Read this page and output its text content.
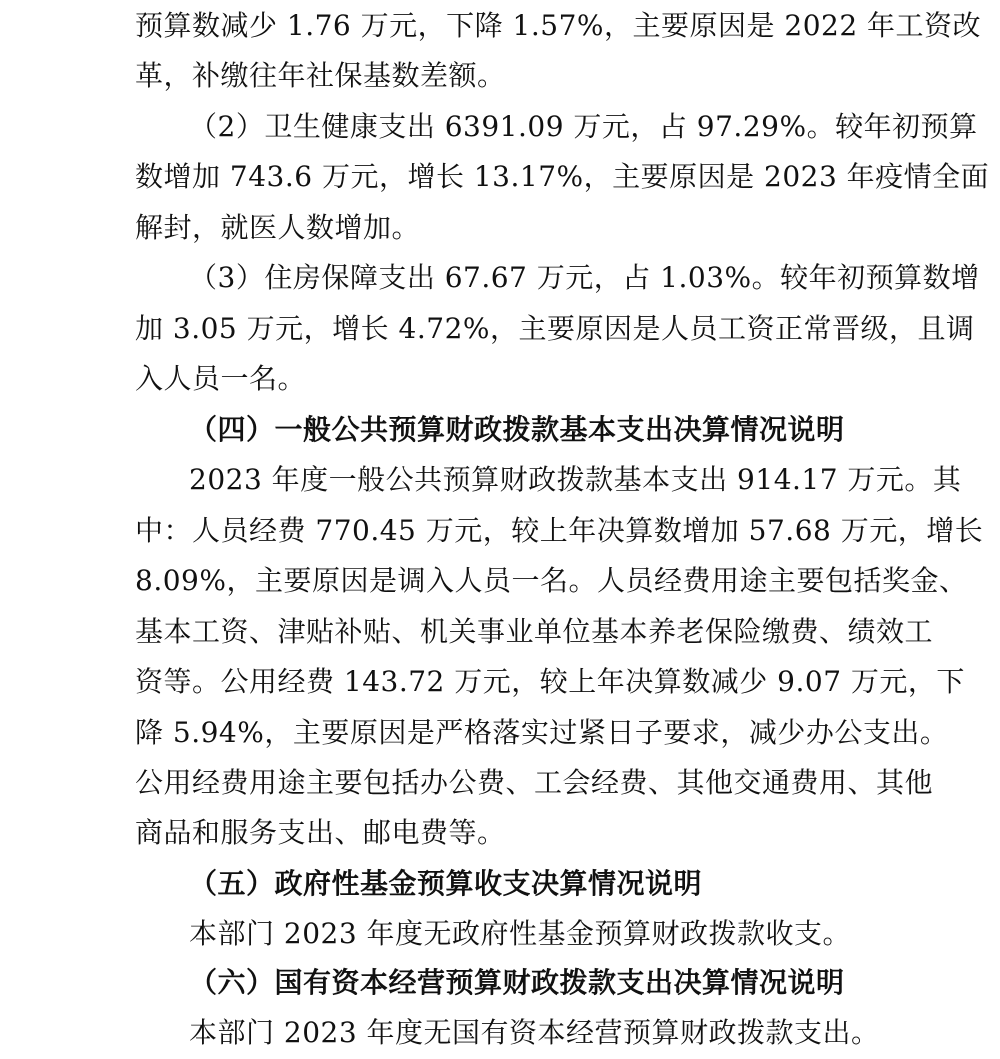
预算数减少 1.76 万元，下降 1.57%，主要原因是 2022 年工资改
革，补缴往年社保基数差额。
（2）卫生健康支出 6391.09 万元，占 97.29%。较年初预算
数增加 743.6 万元，增长 13.17%，主要原因是 2023 年疫情全面
解封，就医人数增加。
（3）住房保障支出 67.67 万元，占 1.03%。较年初预算数增
加 3.05 万元，增长 4.72%，主要原因是人员工资正常晋级，且调
入人员一名。
（四）一般公共预算财政拨款基本支出决算情况说明
2023 年度一般公共预算财政拨款基本支出 914.17 万元。其
中：人员经费 770.45 万元，较上年决算数增加 57.68 万元，增长
8.09%，主要原因是调入人员一名。人员经费用途主要包括奖金、
基本工资、津贴补贴、机关事业单位基本养老保险缴费、绩效工
资等。公用经费 143.72 万元，较上年决算数减少 9.07 万元，下
降 5.94%，主要原因是严格落实过紧日子要求，减少办公支出。
公用经费用途主要包括办公费、工会经费、其他交通费用、其他
商品和服务支出、邮电费等。
（五）政府性基金预算收支决算情况说明
本部门 2023 年度无政府性基金预算财政拨款收支。
（六）国有资本经营预算财政拨款支出决算情况说明
本部门 2023 年度无国有资本经营预算财政拨款支出。
